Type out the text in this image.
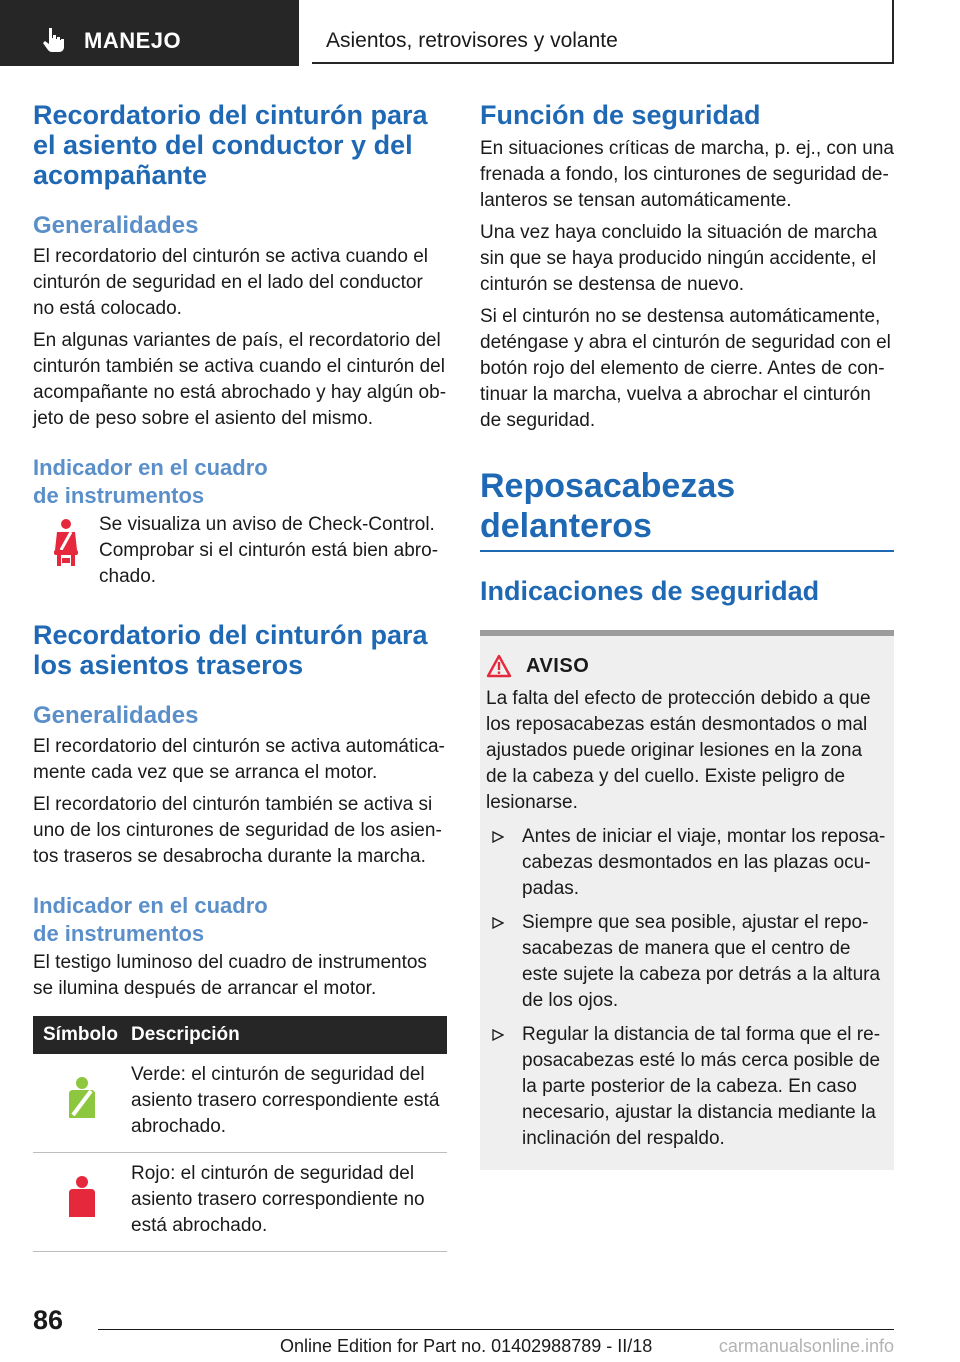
MANEJO	Asientos, retrovisores y volante
Recordatorio del cinturón para el asiento del conductor y del acompañante
Generalidades

El recordatorio del cinturón se activa cuando el cinturón de seguridad en el lado del conductor no está colocado.

En algunas variantes de país, el recordatorio del cinturón también se activa cuando el cinturón del acompañante no está abrochado y hay algún objeto de peso sobre el asiento del mismo.

Indicador en el cuadro
de instrumentos

Se visualiza un aviso de Check-Control. Comprobar si el cinturón está bien abrochado.

Recordatorio del cinturón para los asientos traseros
Generalidades

El recordatorio del cinturón se activa automáticamente cada vez que se arranca el motor.

El recordatorio del cinturón también se activa si uno de los cinturones de seguridad de los asientos traseros se desabrocha durante la marcha.

Indicador en el cuadro
de instrumentos

El testigo luminoso del cuadro de instrumentos se ilumina después de arrancar el motor.

Símbolo	Descripción

Verde: el cinturón de seguridad del asiento trasero correspondiente está abrochado.

Rojo: el cinturón de seguridad del asiento trasero correspondiente no está abrochado.

Función de seguridad

En situaciones críticas de marcha, p. ej., con una frenada a fondo, los cinturones de seguridad delanteros se tensan automáticamente.

Una vez haya concluido la situación de marcha sin que se haya producido ningún accidente, el cinturón se destensa de nuevo.

Si el cinturón no se destensa automáticamente, deténgase y abra el cinturón de seguridad con el botón rojo del elemento de cierre. Antes de continuar la marcha, vuelva a abrochar el cinturón de seguridad.

Reposacabezas delanteros
Indicaciones de seguridad
AVISO

La falta del efecto de protección debido a que los reposacabezas están desmontados o mal ajustados puede originar lesiones en la zona de la cabeza y del cuello. Existe peligro de lesionarse.

Antes de iniciar el viaje, montar los reposacabezas desmontados en las plazas ocupadas.

Siempre que sea posible, ajustar el reposacabezas de manera que el centro de este sujete la cabeza por detrás a la altura de los ojos.

Regular la distancia de tal forma que el reposacabezas esté lo más cerca posible de la parte posterior de la cabeza. En caso necesario, ajustar la distancia mediante la inclinación del respaldo.

86
Online Edition for Part no. 01402988789 - II/18	carmanualsonline.info
